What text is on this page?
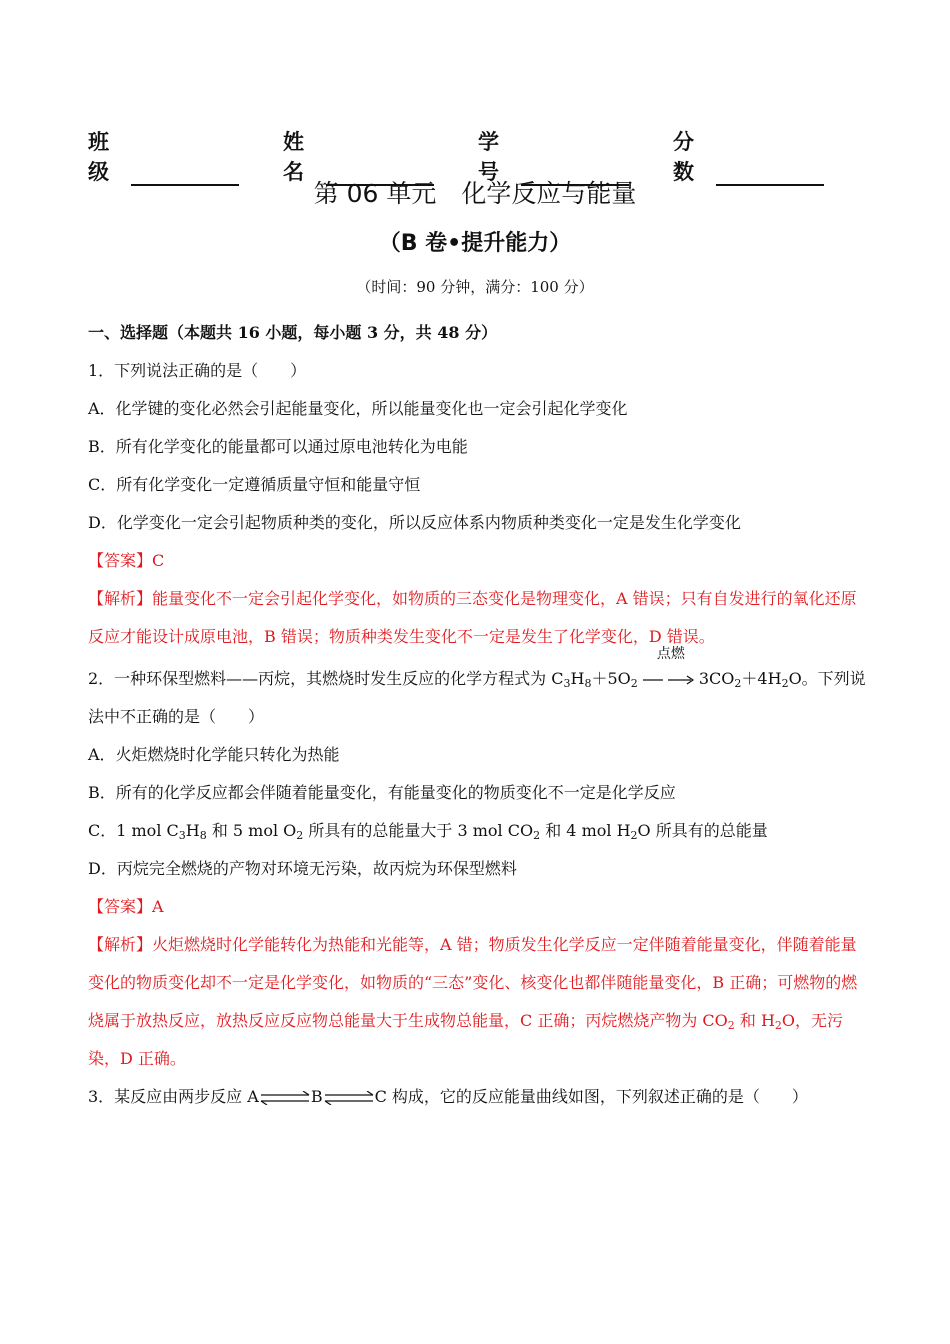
班级
姓名
学号
分数
第 06 单元　化学反应与能量
（B 卷•提升能力）
（时间：90 分钟，满分：100 分）
一、选择题（本题共 16 小题，每小题 3 分，共 48 分）
1．下列说法正确的是（　　）
A．化学键的变化必然会引起能量变化，所以能量变化也一定会引起化学变化
B．所有化学变化的能量都可以通过原电池转化为电能
C．所有化学变化一定遵循质量守恒和能量守恒
D．化学变化一定会引起物质种类的变化，所以反应体系内物质种类变化一定是发生化学变化
【答案】C
【解析】能量变化不一定会引起化学变化，如物质的三态变化是物理变化，A 错误；只有自发进行的氧化还原反应才能设计成原电池，B 错误；物质种类发生变化不一定是发生了化学变化，D 错误。
2．一种环保型燃料——丙烷，其燃烧时发生反应的化学方程式为 $C_3H_8+5O_2$
点燃
$3CO_2+4H_2O$。下列说
法中不正确的是（　　）
A．火炬燃烧时化学能只转化为热能
B．所有的化学反应都会伴随着能量变化，有能量变化的物质变化不一定是化学反应
C．1 mol $C_3H_8$ 和 5 mol $O_2$ 所具有的总能量大于 3 mol $CO_2$ 和 4 mol $H_2O$ 所具有的总能量
D．丙烷完全燃烧的产物对环境无污染，故丙烷为环保型燃料
【答案】A
【解析】火炬燃烧时化学能转化为热能和光能等，A 错；物质发生化学反应一定伴随着能量变化，伴随着能量变化的物质变化却不一定是化学变化，如物质的“三态”变化、核变化也都伴随能量变化，B 正确；可燃物的燃烧属于放热反应，放热反应反应物总能量大于生成物总能量，C 正确；丙烷燃烧产物为 $CO_2$ 和 $H_2O$，无污染，D 正确。
3．某反应由两步反应 A⇌B⇌C 构成，它的反应能量曲线如图，下列叙述正确的是（　　）
